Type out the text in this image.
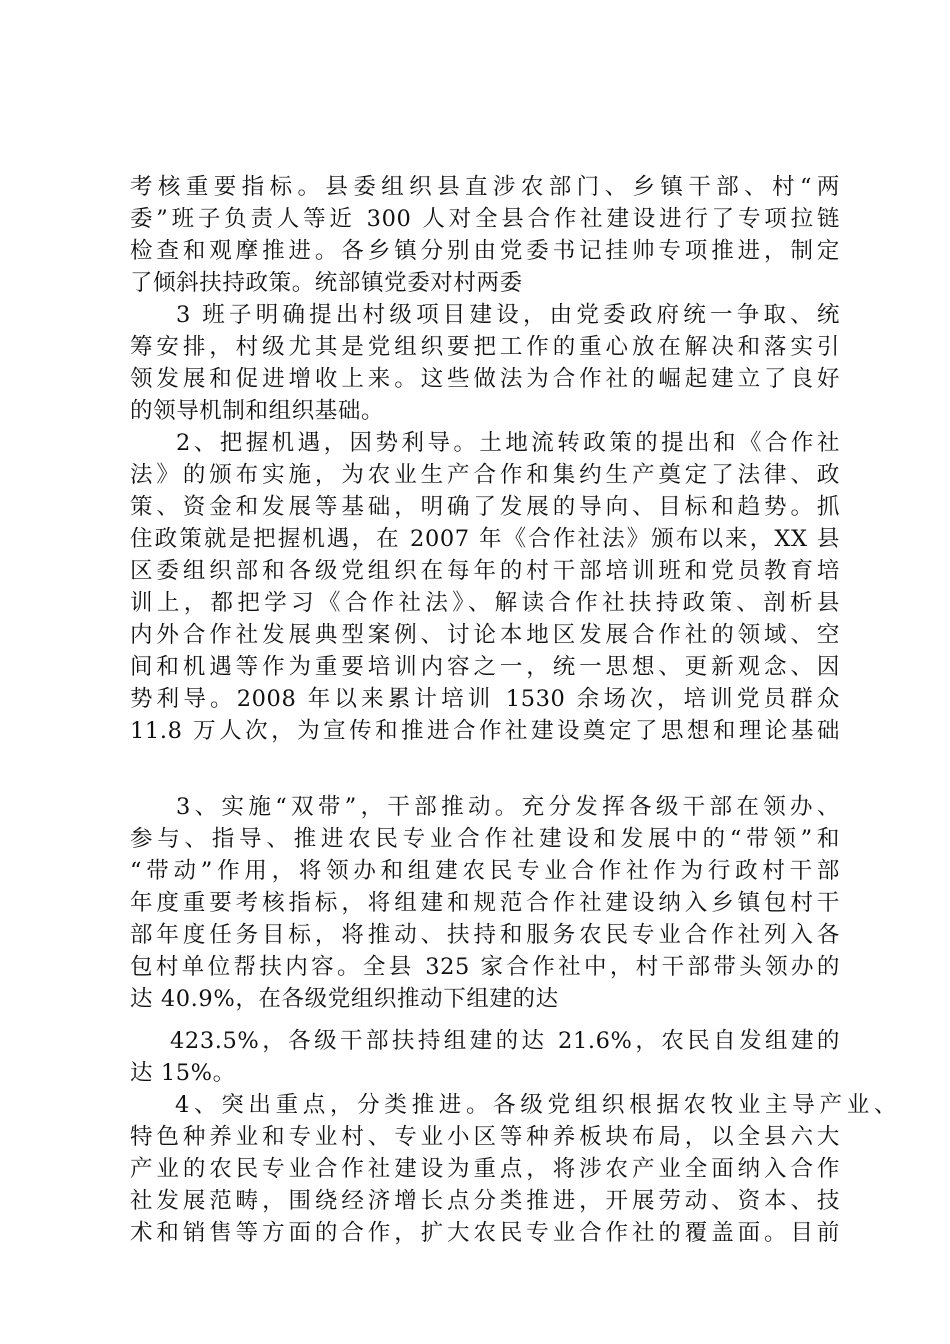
考核重要指标。县委组织县直涉农部门、乡镇干部、村“两
委”班子负责人等近 300 人对全县合作社建设进行了专项拉链
检查和观摩推进。各乡镇分别由党委书记挂帅专项推进，制定
了倾斜扶持政策。统部镇党委对村两委
3 班子明确提出村级项目建设，由党委政府统一争取、统
筹安排，村级尤其是党组织要把工作的重心放在解决和落实引
领发展和促进增收上来。这些做法为合作社的崛起建立了良好
的领导机制和组织基础。
2、把握机遇，因势利导。土地流转政策的提出和《合作社
法》的颁布实施，为农业生产合作和集约生产奠定了法律、政
策、资金和发展等基础，明确了发展的导向、目标和趋势。抓
住政策就是把握机遇，在 2007 年《合作社法》颁布以来，XX 县
区委组织部和各级党组织在每年的村干部培训班和党员教育培
训上，都把学习《合作社法》、解读合作社扶持政策、剖析县
内外合作社发展典型案例、讨论本地区发展合作社的领域、空
间和机遇等作为重要培训内容之一，统一思想、更新观念、因
势利导。2008 年以来累计培训 1530 余场次，培训党员群众
11.8 万人次，为宣传和推进合作社建设奠定了思想和理论基础
3、实施“双带”，干部推动。充分发挥各级干部在领办、
参与、指导、推进农民专业合作社建设和发展中的“带领”和
“带动”作用，将领办和组建农民专业合作社作为行政村干部
年度重要考核指标，将组建和规范合作社建设纳入乡镇包村干
部年度任务目标，将推动、扶持和服务农民专业合作社列入各
包村单位帮扶内容。全县 325 家合作社中，村干部带头领办的
达 40.9%，在各级党组织推动下组建的达
423.5%，各级干部扶持组建的达 21.6%，农民自发组建的
达 15%。
4、突出重点，分类推进。各级党组织根据农牧业主导产业、
特色种养业和专业村、专业小区等种养板块布局，以全县六大
产业的农民专业合作社建设为重点，将涉农产业全面纳入合作
社发展范畴，围绕经济增长点分类推进，开展劳动、资本、技
术和销售等方面的合作，扩大农民专业合作社的覆盖面。目前
